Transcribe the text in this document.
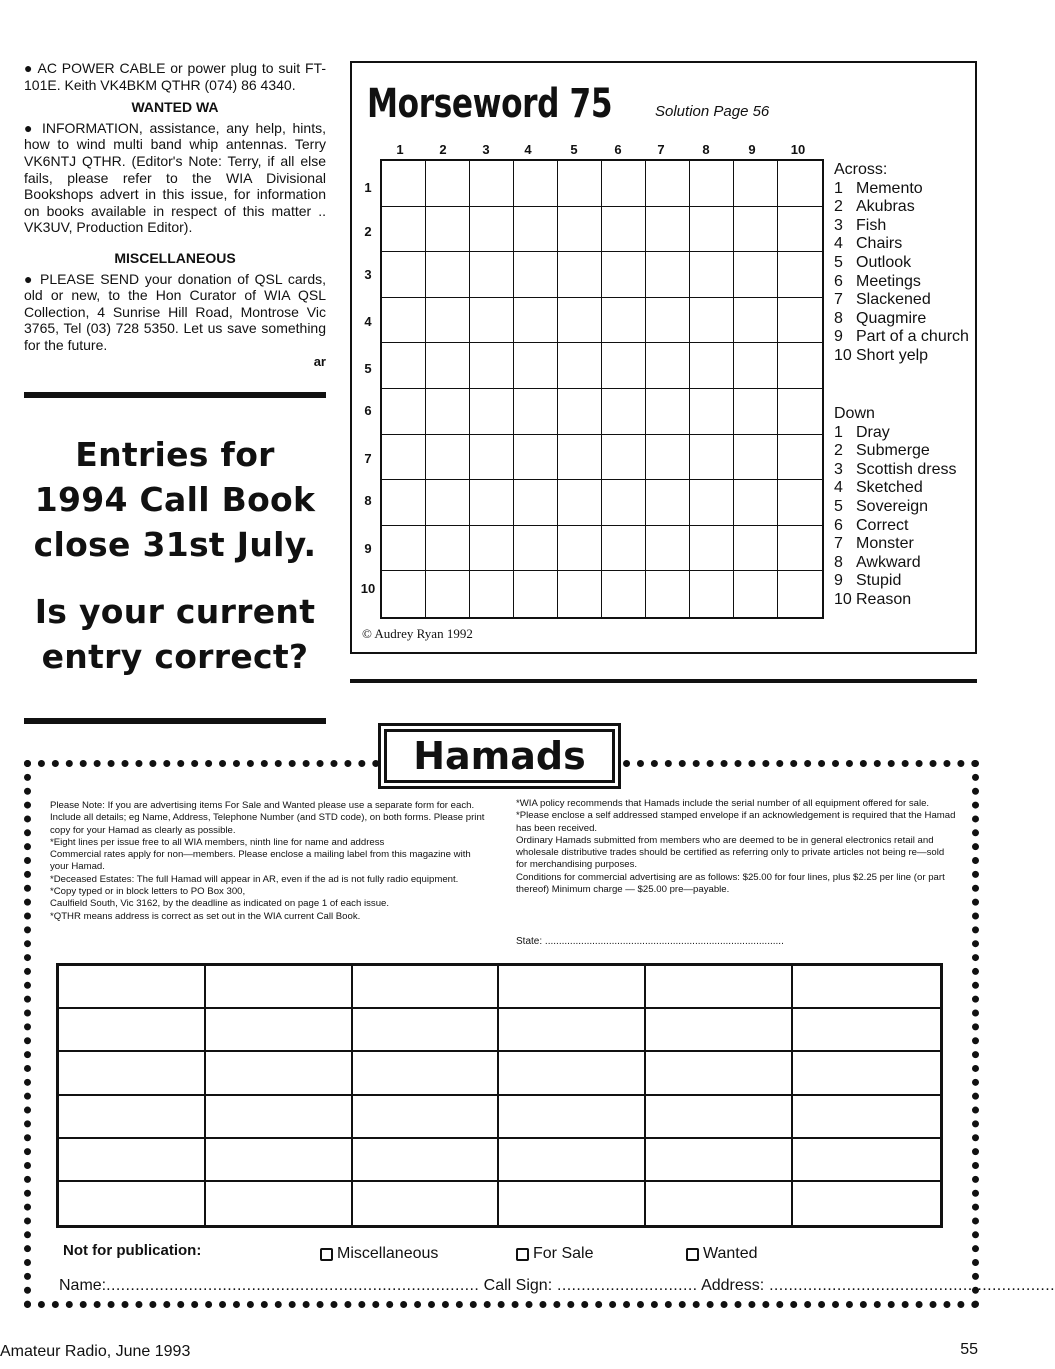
● AC POWER CABLE or power plug to suit FT-101E. Keith VK4BKM QTHR (074) 86 4340.

WANTED WA

● INFORMATION, assistance, any help, hints, how to wind multi band whip antennas. Terry VK6NTJ QTHR. (Editor's Note: Terry, if all else fails, please refer to the WIA Divisional Bookshops advert in this issue, for information on books available in respect of this matter .. VK3UV, Production Editor).

MISCELLANEOUS

● PLEASE SEND your donation of QSL cards, old or new, to the Hon Curator of WIA QSL Collection, 4 Sunrise Hill Road, Montrose Vic 3765, Tel (03) 728 5350. Let us save something for the future.

ar

Entries for
1994 Call Book
close 31st July.
Is your current
entry correct?
Morseword 75	Solution Page 56
1	2	3	4	5	6	7	8	9	10
1
2
3
4
5
6
7
8
9
10
© Audrey Ryan 1992
Across:
1 Memento
2 Akubras
3 Fish
4 Chairs
5 Outlook
6 Meetings
7 Slackened
8 Quagmire
9 Part of a church
10 Short yelp
Down
1 Dray
2 Submerge
3 Scottish dress
4 Sketched
5 Sovereign
6 Correct
7 Monster
8 Awkward
9 Stupid
10 Reason
Hamads

Please Note: If you are advertising items For Sale and Wanted please use a separate form for each. Include all details; eg Name, Address, Telephone Number (and STD code), on both forms. Please print copy for your Hamad as clearly as possible.

*Eight lines per issue free to all WIA members, ninth line for name and address

Commercial rates apply for non—members. Please enclose a mailing label from this magazine with your Hamad.

*Deceased Estates: The full Hamad will appear in AR, even if the ad is not fully radio equipment.

*Copy typed or in block letters to PO Box 300,

Caulfield South, Vic 3162, by the deadline as indicated on page 1 of each issue.

*QTHR means address is correct as set out in the WIA current Call Book.

*WIA policy recommends that Hamads include the serial number of all equipment offered for sale.

*Please enclose a self addressed stamped envelope if an acknowledgement is required that the Hamad has been received.

Ordinary Hamads submitted from members who are deemed to be in general electronics retail and wholesale distributive trades should be certified as referring only to private articles not being re—sold for merchandising purposes.

Conditions for commercial advertising are as follows: $25.00 for four lines, plus $2.25 per line (or part thereof) Minimum charge — $25.00 pre—payable.

State: ......................................................................................
Not for publication:	Miscellaneous	For Sale	Wanted
Name:............................................................................. Call Sign: ............................. Address: ...........................................................
Amateur Radio, June 1993	55
